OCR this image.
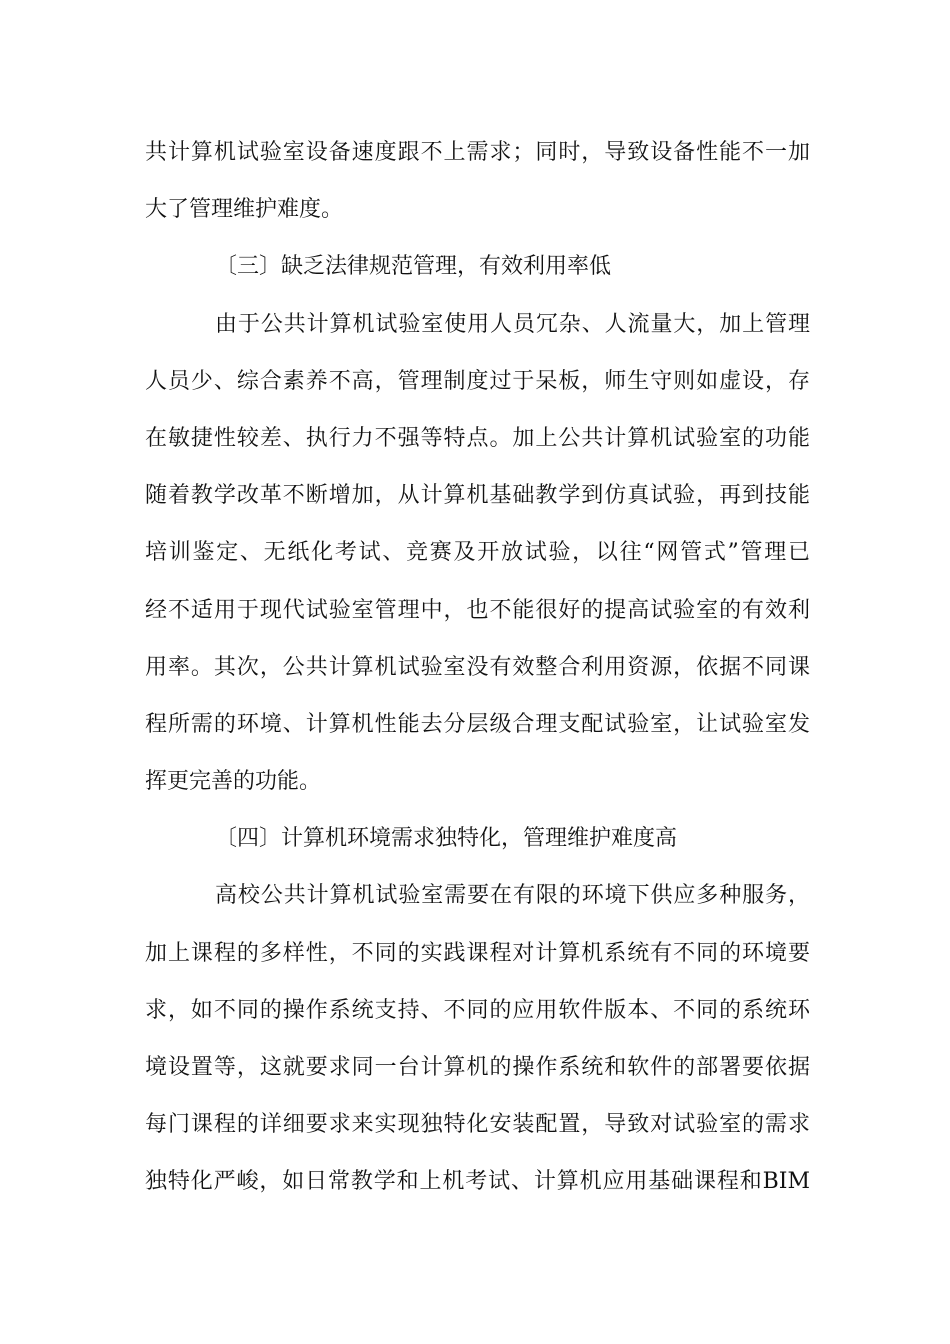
共计算机试验室设备速度跟不上需求；同时，导致设备性能不一加
大了管理维护难度。
〔三〕缺乏法律规范管理，有效利用率低
由于公共计算机试验室使用人员冗杂、人流量大，加上管理
人员少、综合素养不高，管理制度过于呆板，师生守则如虚设，存
在敏捷性较差、执行力不强等特点。加上公共计算机试验室的功能
随着教学改革不断增加，从计算机基础教学到仿真试验，再到技能
培训鉴定、无纸化考试、竞赛及开放试验，以往“网管式”管理已
经不适用于现代试验室管理中，也不能很好的提高试验室的有效利
用率。其次，公共计算机试验室没有效整合利用资源，依据不同课
程所需的环境、计算机性能去分层级合理支配试验室，让试验室发
挥更完善的功能。
〔四〕计算机环境需求独特化，管理维护难度高
高校公共计算机试验室需要在有限的环境下供应多种服务，
加上课程的多样性，不同的实践课程对计算机系统有不同的环境要
求，如不同的操作系统支持、不同的应用软件版本、不同的系统环
境设置等，这就要求同一台计算机的操作系统和软件的部署要依据
每门课程的详细要求来实现独特化安装配置，导致对试验室的需求
独特化严峻，如日常教学和上机考试、计算机应用基础课程和BIM
